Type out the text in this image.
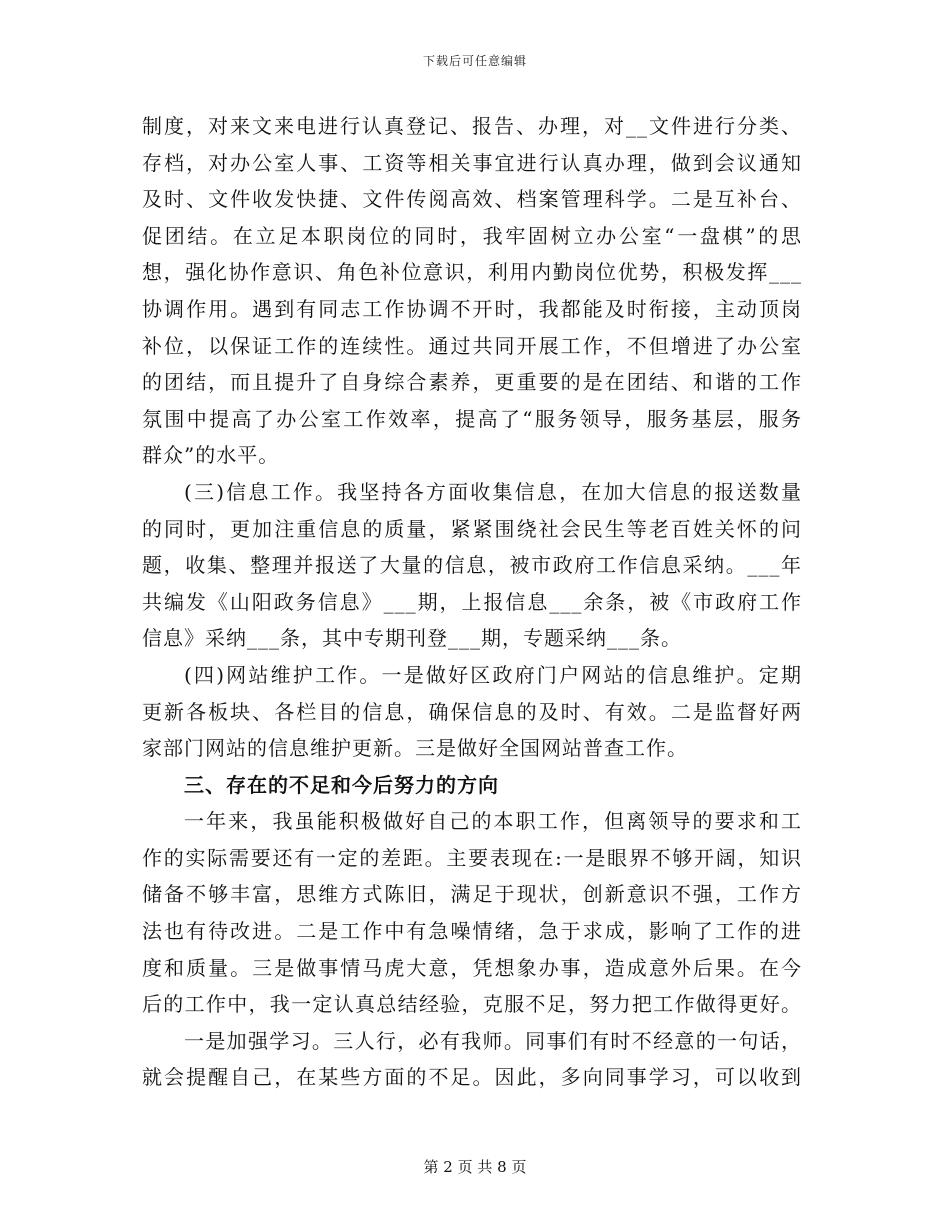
下载后可任意编辑
制度，对来文来电进行认真登记、报告、办理，对__文件进行分类、
存档，对办公室人事、工资等相关事宜进行认真办理，做到会议通知
及时、文件收发快捷、文件传阅高效、档案管理科学。二是互补台、
促团结。在立足本职岗位的同时，我牢固树立办公室“一盘棋”的思
想，强化协作意识、角色补位意识，利用内勤岗位优势，积极发挥___
协调作用。遇到有同志工作协调不开时，我都能及时衔接，主动顶岗
补位，以保证工作的连续性。通过共同开展工作，不但增进了办公室
的团结，而且提升了自身综合素养，更重要的是在团结、和谐的工作
氛围中提高了办公室工作效率，提高了“服务领导，服务基层，服务
群众”的水平。
(三)信息工作。我坚持各方面收集信息，在加大信息的报送数量
的同时，更加注重信息的质量，紧紧围绕社会民生等老百姓关怀的问
题，收集、整理并报送了大量的信息，被市政府工作信息采纳。___年
共编发《山阳政务信息》___期，上报信息___余条，被《市政府工作
信息》采纳___条，其中专期刊登___期，专题采纳___条。
(四)网站维护工作。一是做好区政府门户网站的信息维护。定期
更新各板块、各栏目的信息，确保信息的及时、有效。二是监督好两
家部门网站的信息维护更新。三是做好全国网站普查工作。
三、存在的不足和今后努力的方向
一年来，我虽能积极做好自己的本职工作，但离领导的要求和工
作的实际需要还有一定的差距。主要表现在:一是眼界不够开阔，知识
储备不够丰富，思维方式陈旧，满足于现状，创新意识不强，工作方
法也有待改进。二是工作中有急噪情绪，急于求成，影响了工作的进
度和质量。三是做事情马虎大意，凭想象办事，造成意外后果。在今
后的工作中，我一定认真总结经验，克服不足，努力把工作做得更好。
一是加强学习。三人行，必有我师。同事们有时不经意的一句话，
就会提醒自己，在某些方面的不足。因此，多向同事学习，可以收到
第 2 页 共 8 页
